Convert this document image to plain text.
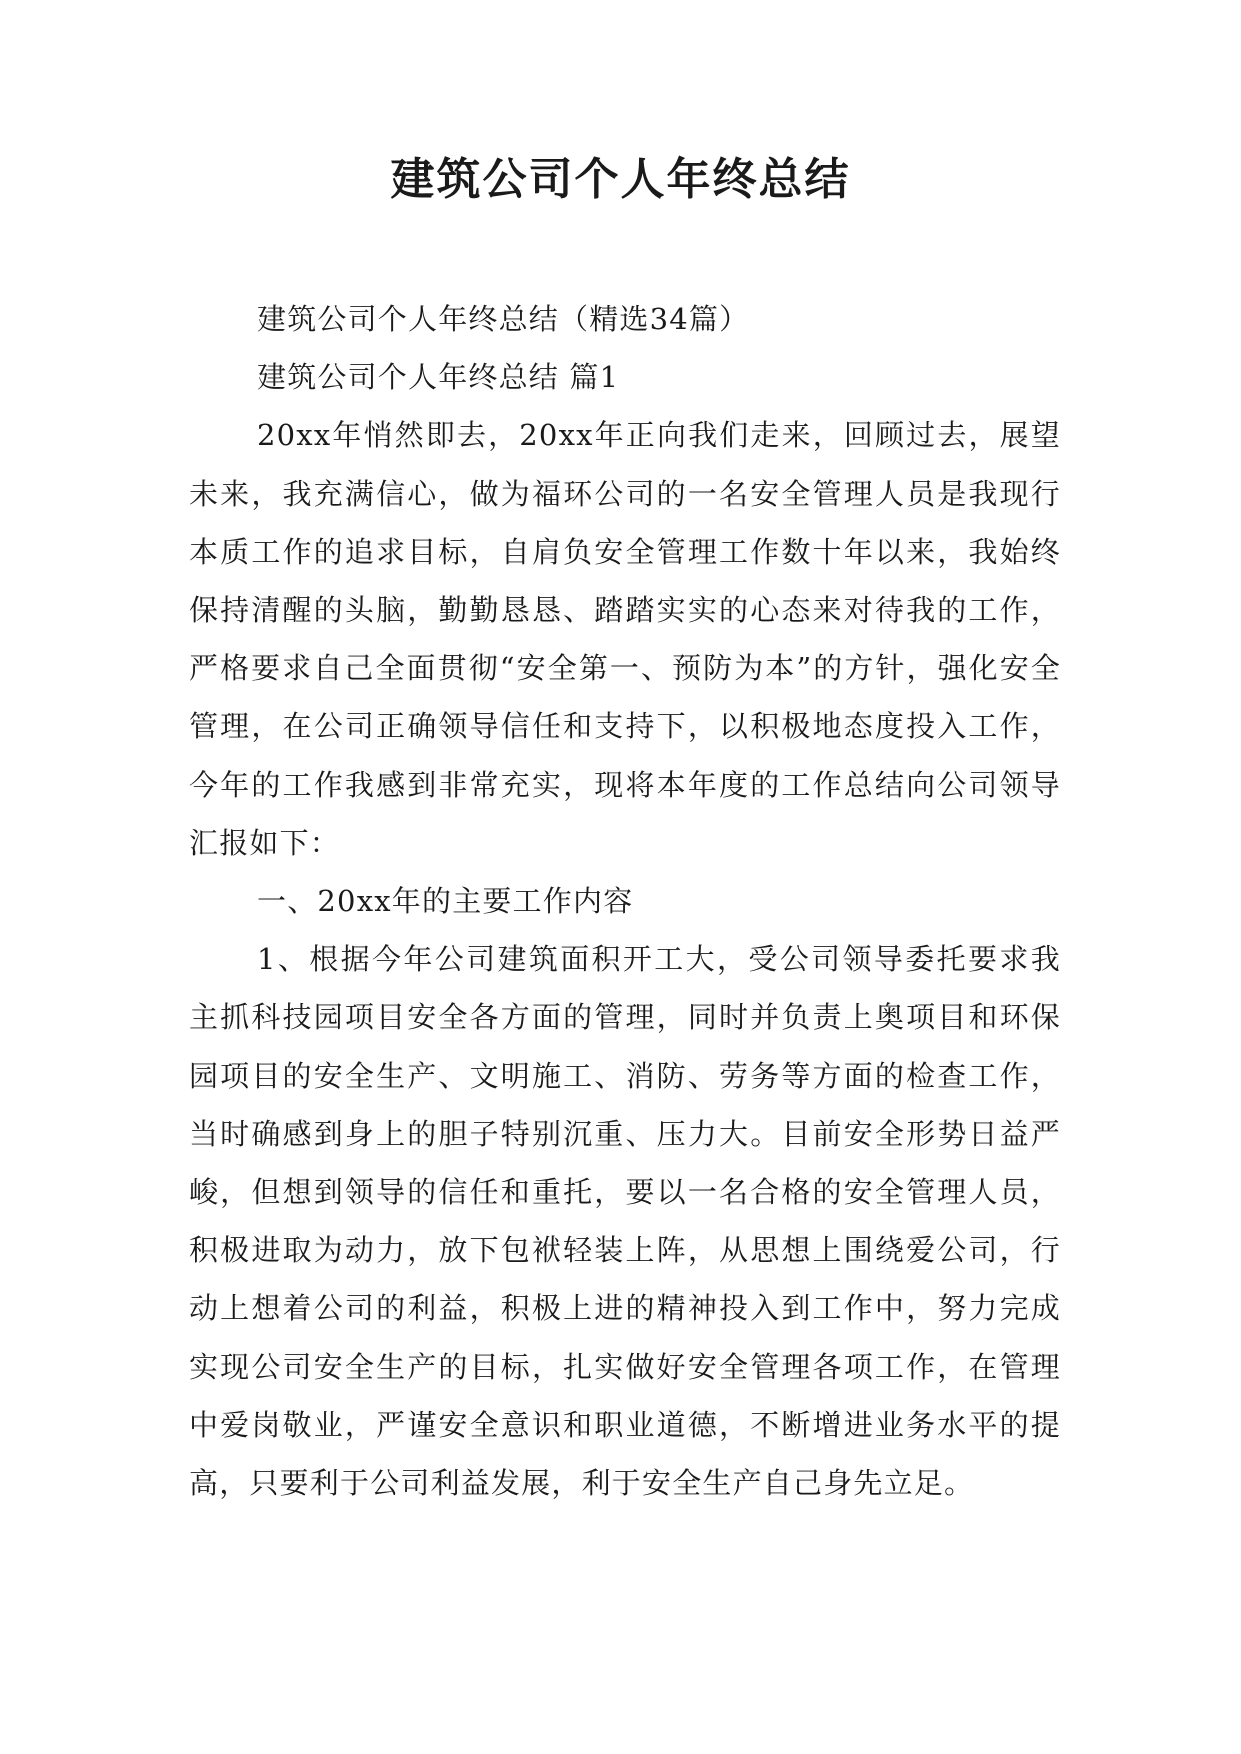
建筑公司个人年终总结

建筑公司个人年终总结（精选34篇）

建筑公司个人年终总结 篇1

20xx年悄然即去，20xx年正向我们走来，回顾过去，展望未来，我充满信心，做为福环公司的一名安全管理人员是我现行本质工作的追求目标，自肩负安全管理工作数十年以来，我始终保持清醒的头脑，勤勤恳恳、踏踏实实的心态来对待我的工作，严格要求自己全面贯彻“安全第一、预防为本”的方针，强化安全管理，在公司正确领导信任和支持下，以积极地态度投入工作，今年的工作我感到非常充实，现将本年度的工作总结向公司领导汇报如下：

一、20xx年的主要工作内容

1、根据今年公司建筑面积开工大，受公司领导委托要求我主抓科技园项目安全各方面的管理，同时并负责上奥项目和环保园项目的安全生产、文明施工、消防、劳务等方面的检查工作，当时确感到身上的胆子特别沉重、压力大。目前安全形势日益严峻，但想到领导的信任和重托，要以一名合格的安全管理人员，积极进取为动力，放下包袱轻装上阵，从思想上围绕爱公司，行动上想着公司的利益，积极上进的精神投入到工作中，努力完成实现公司安全生产的目标，扎实做好安全管理各项工作，在管理中爱岗敬业，严谨安全意识和职业道德，不断增进业务水平的提高，只要利于公司利益发展，利于安全生产自己身先立足。
